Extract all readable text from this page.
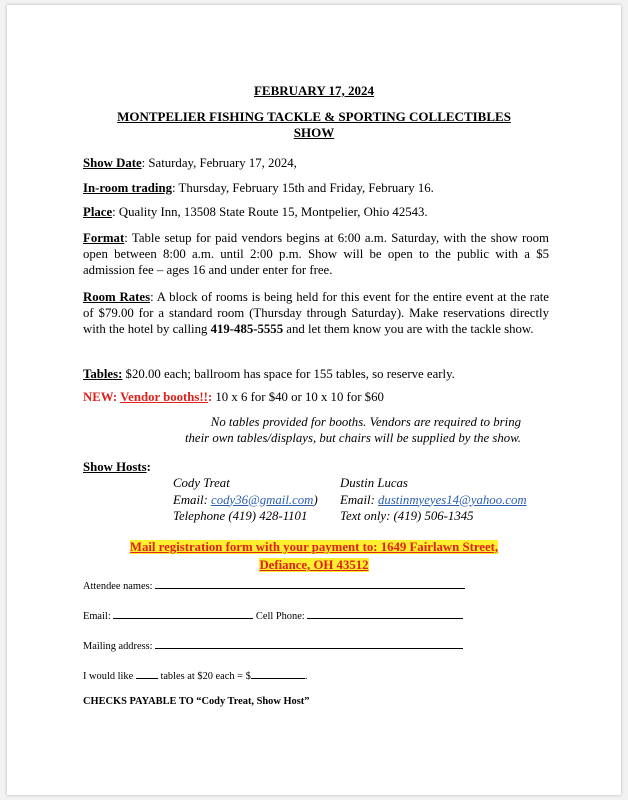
FEBRUARY 17, 2024
MONTPELIER FISHING TACKLE & SPORTING COLLECTIBLES
SHOW
Show Date: Saturday, February 17, 2024,
In-room trading: Thursday, February 15th and Friday, February 16.
Place: Quality Inn, 13508 State Route 15, Montpelier, Ohio 42543.
Format: Table setup for paid vendors begins at 6:00 a.m. Saturday, with the show room open between 8:00 a.m. until 2:00 p.m. Show will be open to the public with a $5 admission fee – ages 16 and under enter for free.
Room Rates: A block of rooms is being held for this event for the entire event at the rate of $79.00 for a standard room (Thursday through Saturday). Make reservations directly with the hotel by calling 419-485-5555 and let them know you are with the tackle show.
Tables: $20.00 each; ballroom has space for 155 tables, so reserve early.
NEW: Vendor booths!!: 10 x 6 for $40 or 10 x 10 for $60
No tables provided for booths. Vendors are required to bring
their own tables/displays, but chairs will be supplied by the show.
Show Hosts:
Cody Treat
Email: cody36@gmail.com)
Telephone (419) 428-1101
Dustin Lucas
Email: dustinmyeyes14@yahoo.com
Text only: (419) 506-1345
Mail registration form with your payment to: 1649 Fairlawn Street,
Defiance, OH 43512
Attendee names:
Email:	Cell Phone:
Mailing address:
I would like	tables at $20 each = $	.
CHECKS PAYABLE TO “Cody Treat, Show Host”
